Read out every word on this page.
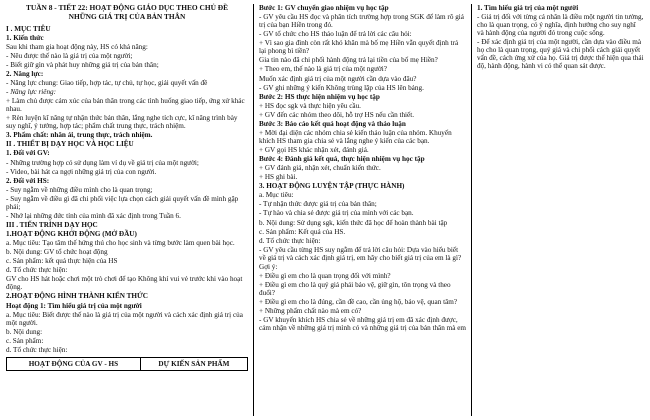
TUẦN 8 - TIẾT 22: HOẠT ĐỘNG GIÁO DỤC THEO CHỦ ĐỀ

NHỮNG GIÁ TRỊ CỦA BẢN THÂN

I . MỤC TIÊU

1. Kiến thức

Sau khi tham gia hoạt động này, HS có khả năng:

- Nêu được thế nào là giá trị của một người;

- Biết giữ gìn và phát huy những giá trị của bản thân;

2. Năng lực:

- Năng lực chung: Giao tiếp, hợp tác, tự chủ, tự học, giải quyết vấn đề

- Năng lực riêng:

+ Làm chủ được cảm xúc của bản thân trong các tình huống giao tiếp, ứng xử khác nhau.

+ Rèn luyện kĩ năng tự nhận thức bản thân, lắng nghe tích cực, kĩ năng trình bày suy nghĩ, ý tưởng, hợp tác; phẩm chất trung thực, trách nhiệm.

3. Phẩm chất: nhân ái, trung thực, trách nhiệm.

II . THIẾT BỊ DẠY HỌC VÀ HỌC LIỆU

1. Đối với GV:

- Những trường hợp có sử dụng làm ví dụ về giá trị của một người;

- Video, bài hát ca ngợi những giá trị của con người.

2. Đối với HS:

- Suy ngẫm về những điều mình cho là quan trọng;

- Suy ngẫm về điều gì đã chi phối việc lựa chọn cách giải quyết vấn đề mình gặp phải;

- Nhớ lại những đức tính của mình đã xác định trong Tuần 6.

III . TIẾN TRÌNH DẠY HỌC

1.HOẠT ĐỘNG KHỞI ĐỘNG (MỞ ĐẦU)

a. Mục tiêu: Tạo tâm thế hứng thú cho học sinh và từng bước làm quen bài học.

b. Nội dung: GV tổ chức hoạt động

c. Sản phẩm: kết quả thực hiện của HS

d. Tổ chức thực hiện:

GV cho HS hát hoặc chơi một trò chơi để tạo Không khí vui vẻ trước khi vào hoạt động.

2.HOẠT ĐỘNG HÌNH THÀNH KIẾN THỨC

Hoạt động 1: Tìm hiểu giá trị của một người

a. Mục tiêu: Biết được thế nào là giá trị của một người và cách xác định giá trị của một người.

b. Nội dung:

c. Sản phẩm:

d. Tổ chức thực hiện:

HOẠT ĐỘNG CỦA GV - HS	DỰ KIẾN SẢN PHẨM

Bước 1: GV chuyển giao nhiệm vụ học tập

- GV yêu cầu HS đọc và phân tích trường hợp trong SGK để làm rõ giá trị của bạn Hiền trong đó.

- GV tổ chức cho HS thảo luận để trả lời các câu hỏi:

+ Vì sao gia đình còn rất khó khăn mà bố mẹ Hiền vẫn quyết định trả lại phong bì tiền?

Gia tin nào đã chi phối hành động trả lại tiền của bố mẹ Hiền?

+ Theo em, thế nào là giá trị của một người?

Muốn xác định giá trị của một người cần dựa vào đâu?

- GV ghi những ý kiến Không trùng lặp của HS lên bảng.

Bước 2: HS thực hiện nhiệm vụ học tập

+ HS đọc sgk và thực hiện yêu cầu.

+ GV đến các nhóm theo dõi, hỗ trợ HS nếu cần thiết.

Bước 3: Báo cáo kết quả hoạt động và thảo luận

+ Mời đại diện các nhóm chia sẻ kiến thảo luận của nhóm. Khuyến khích HS tham gia chia sẻ và lắng nghe ý kiến của các bạn.

+ GV gọi HS khác nhận xét, đánh giá.

Bước 4: Đánh giá kết quả, thực hiện nhiệm vụ học tập

+ GV đánh giá, nhận xét, chuẩn kiến thức.

+ HS ghi bài.

3. HOẠT ĐỘNG LUYỆN TẬP (THỰC HÀNH)

a. Mục tiêu:

- Tự nhận thức được giá trị của bản thân;

- Tự hào và chia sẻ được giá trị của mình với các bạn.

b. Nội dung: Sử dụng sgk, kiến thức đã học để hoàn thành bài tập

c. Sản phẩm: Kết quả của HS.

d. Tổ chức thực hiện:

- GV yêu cầu từng HS suy ngẫm để trả lời câu hỏi: Dựa vào hiểu biết về giá trị và cách xác định giá trị, em hãy cho biết giá trị của em là gì?

Gợi ý:

+ Điều gì em cho là quan trọng đối với mình?

+ Điều gì em cho là quý giá phải bảo vệ, giữ gìn, tôn trọng và theo đuổi?

+ Điều gì em cho là đúng, cần đề cao, cần ủng hộ, bảo vệ, quan tâm?

+ Những phẩm chất nào mà em có?

- GV khuyến khích HS chia sẻ về những giá trị em đã xác định được, cảm nhận về những giá trị mình có và những giá trị của bản thân mà em

1. Tìm hiểu giá trị của một người

- Giá trị đối với từng cá nhân là điều một người tin tưởng, cho là quan trọng, có ý nghĩa, định hướng cho suy nghĩ và hành động của người đó trong cuộc sống.

- Để xác định giá trị của một người, cần dựa vào điều mà họ cho là quan trọng, quý giá và chi phối cách giải quyết vấn đề, cách ứng xử của họ. Giá trị được thể hiện qua thái độ, hành động, hành vi có thể quan sát được.
